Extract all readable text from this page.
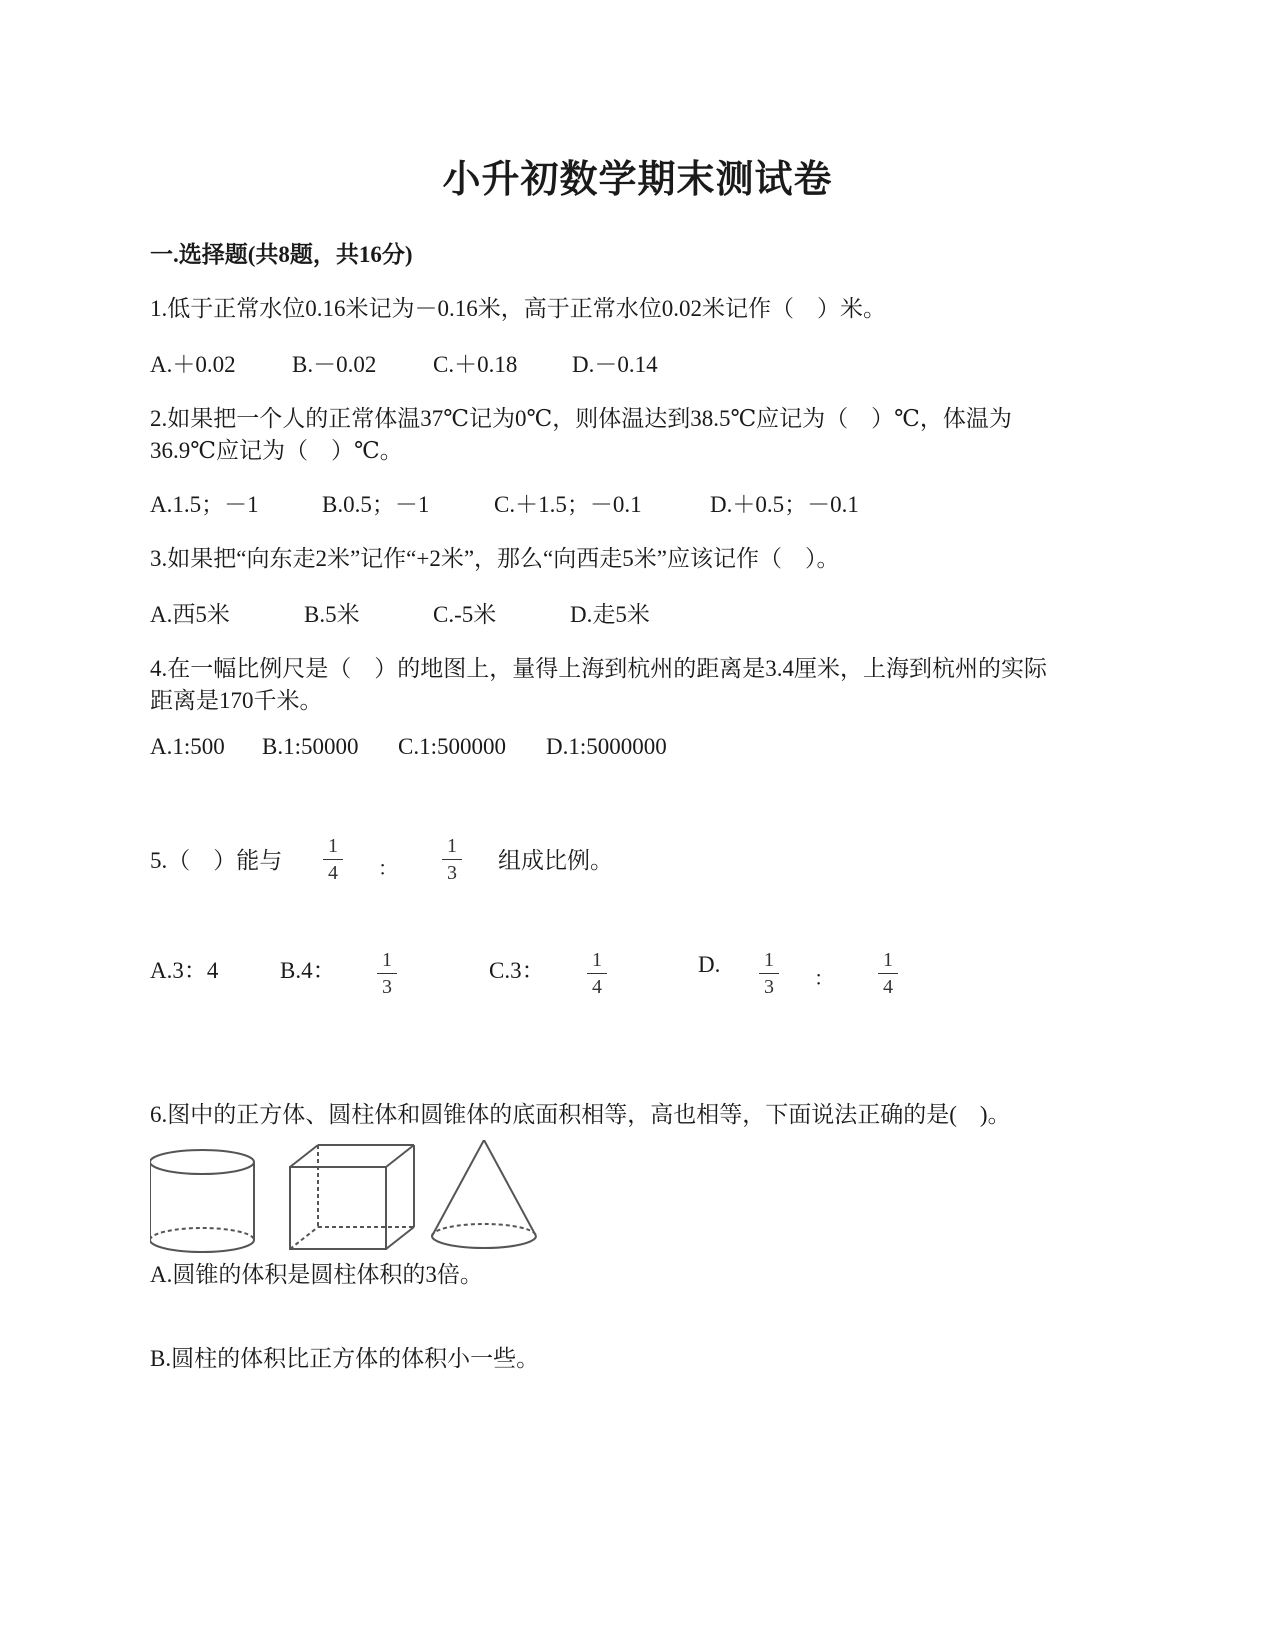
小升初数学期末测试卷
一.选择题(共8题，共16分)
1.低于正常水位0.16米记为－0.16米，高于正常水位0.02米记作（　）米。
A.＋0.02 B.－0.02 C.＋0.18 D.－0.14
2.如果把一个人的正常体温37℃记为0℃，则体温达到38.5℃应记为（　）℃，体温为
36.9℃应记为（　）℃。
A.1.5；－1	B.0.5；－1	C.＋1.5；－0.1	D.＋0.5；－0.1
3.如果把“向东走2米”记作“+2米”，那么“向西走5米”应该记作（　）。
A.西5米	B.5米	C.-5米	D.走5米
4.在一幅比例尺是（　）的地图上，量得上海到杭州的距离是3.4厘米，上海到杭州的实际
距离是170千米。
A.1:500 B.1:50000 C.1:500000 D.1:5000000
5.（　）能与
1
4	：
1
3	组成比例。
A.3：4	B.4：	1
3
C.3：	1
4
D.	1
3	：
1
4
6.图中的正方体、圆柱体和圆锥体的底面积相等，高也相等，下面说法正确的是(　)。
A.圆锥的体积是圆柱体积的3倍。
B.圆柱的体积比正方体的体积小一些。
